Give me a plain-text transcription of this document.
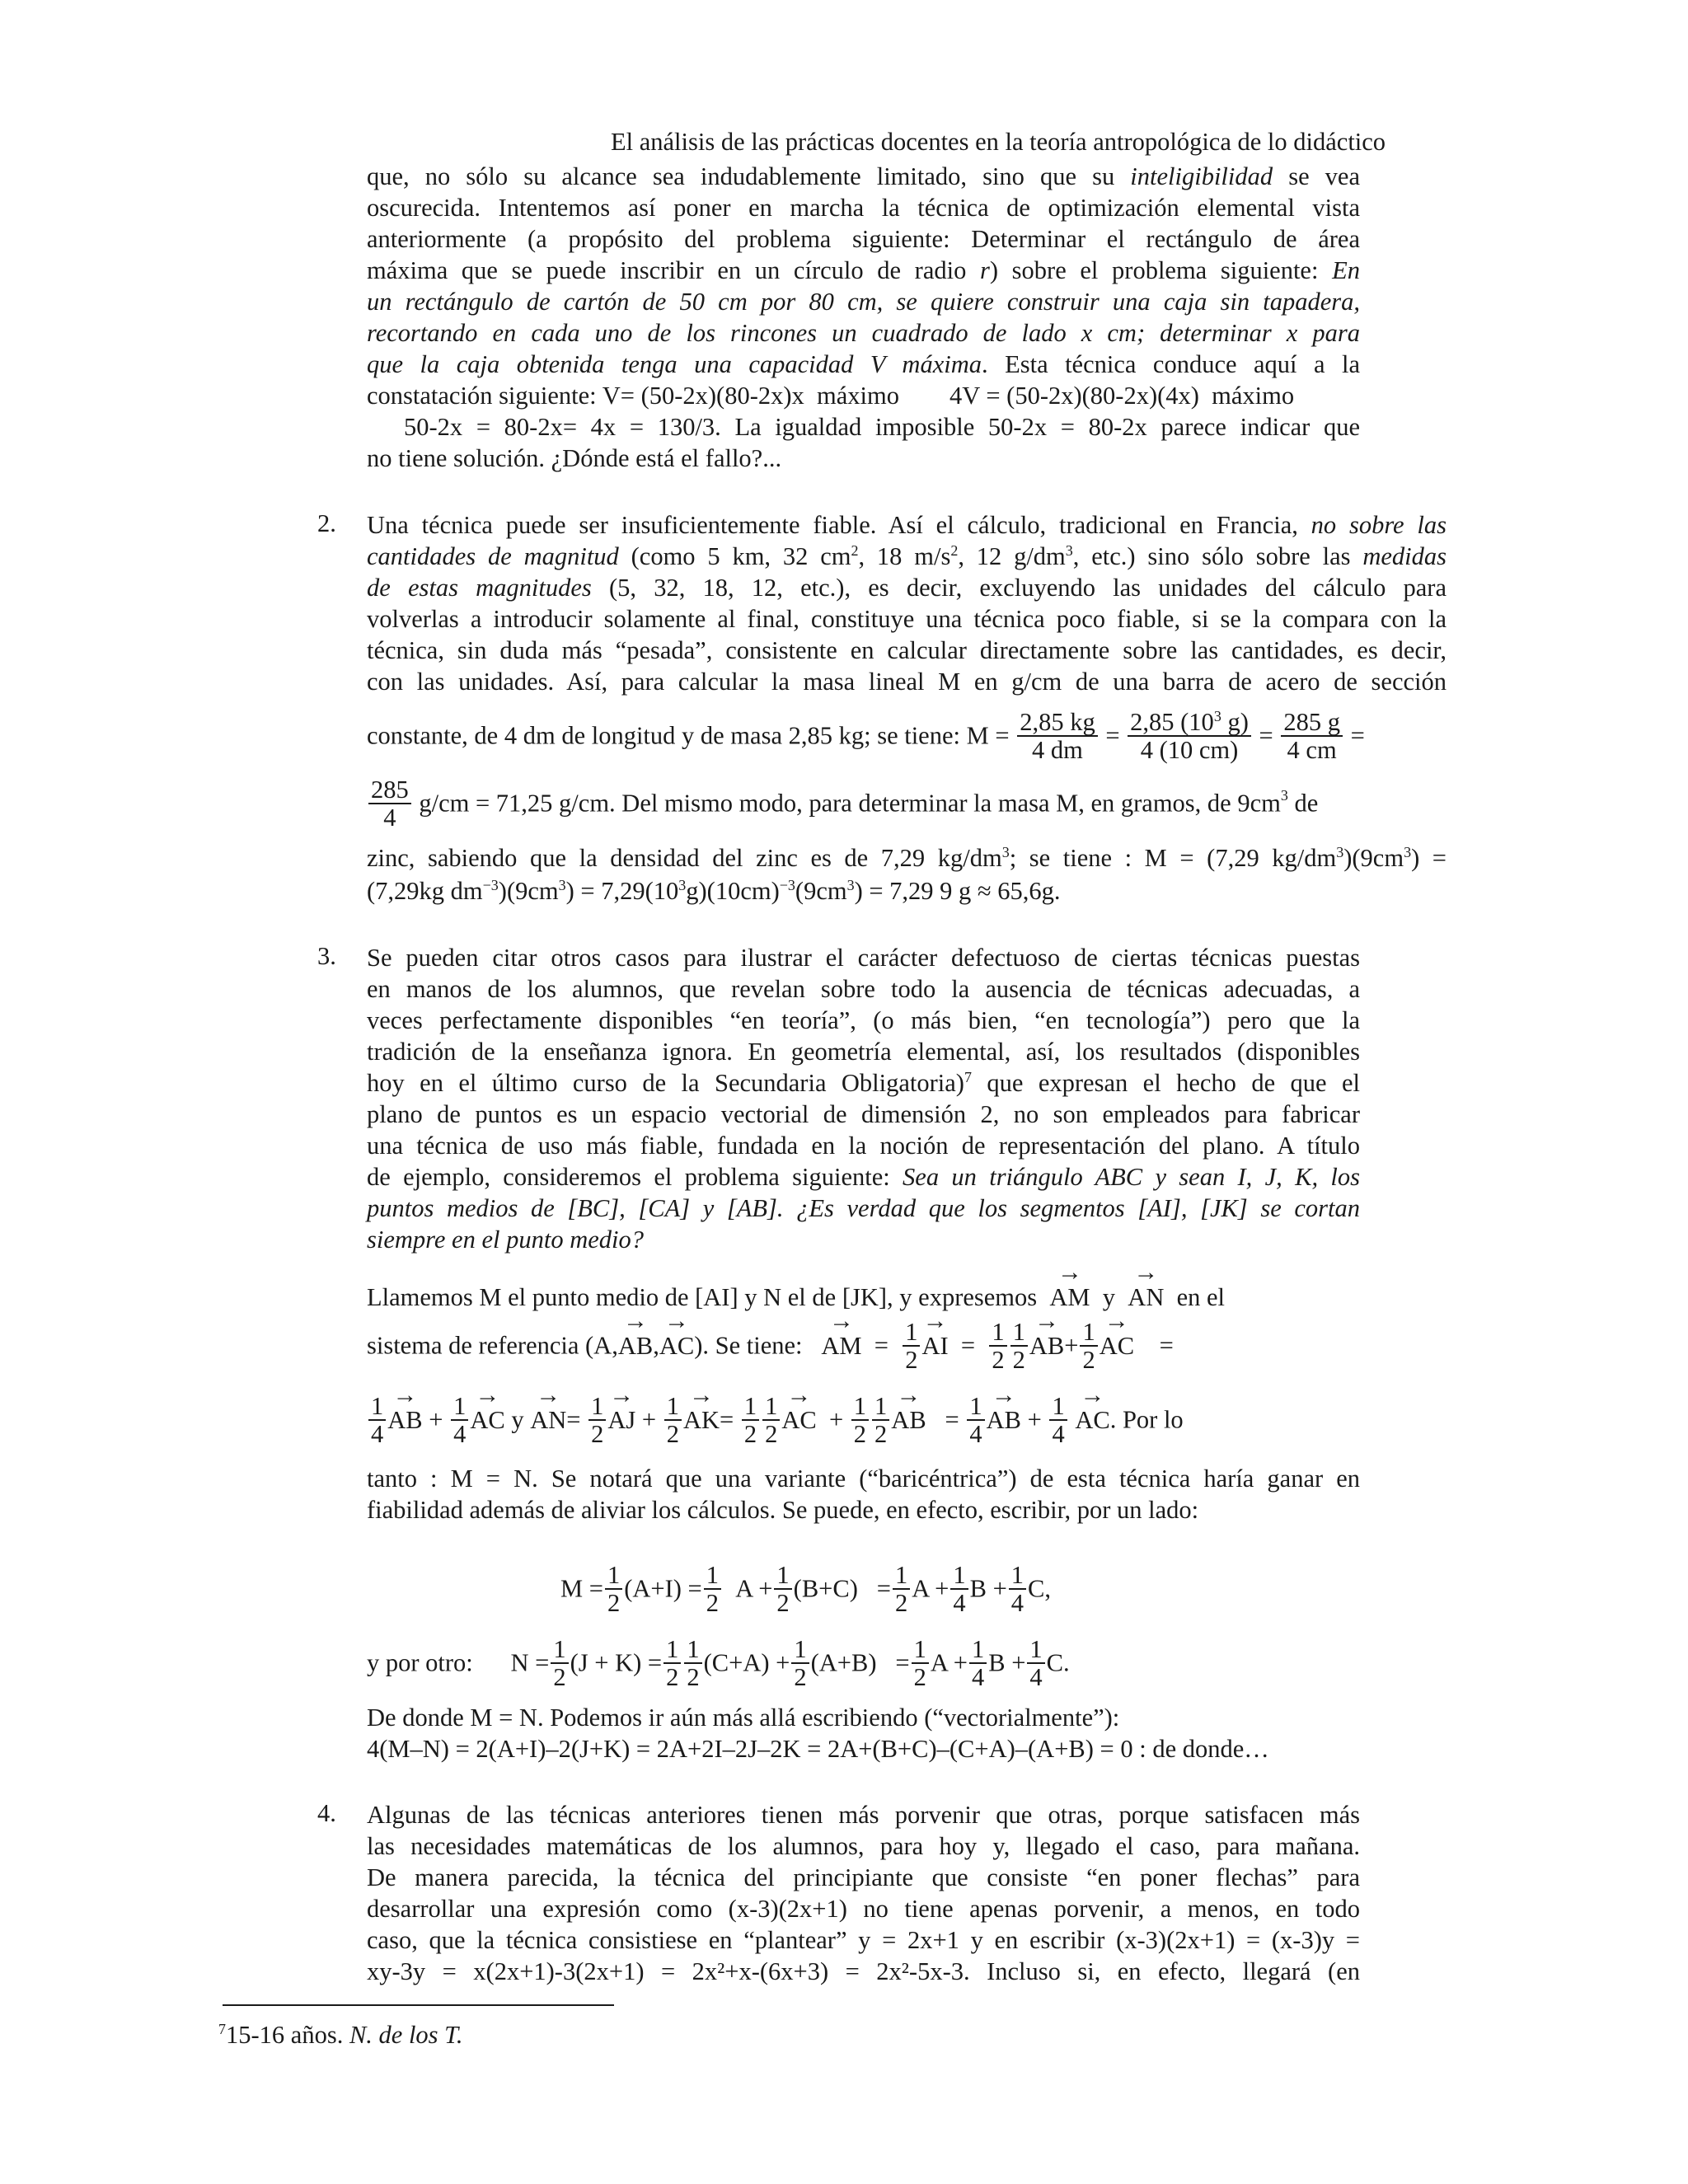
El análisis de las prácticas docentes en la teoría antropológica de lo didáctico
que, no sólo su alcance sea indudablemente limitado, sino que su inteligibilidad se vea
oscurecida. Intentemos así poner en marcha la técnica de optimización elemental vista
anteriormente (a propósito del problema siguiente: Determinar el rectángulo de área
máxima que se puede inscribir en un círculo de radio r) sobre el problema siguiente: En
un rectángulo de cartón de 50 cm por 80 cm, se quiere construir una caja sin tapadera,
recortando en cada uno de los rincones un cuadrado de lado x cm; determinar x para
que la caja obtenida tenga una capacidad V máxima. Esta técnica conduce aquí a la
constatación siguiente: V= (50-2x)(80-2x)x  máximo        4V = (50-2x)(80-2x)(4x)  máximo
50-2x = 80-2x= 4x = 130/3. La igualdad imposible 50-2x = 80-2x parece indicar que
no tiene solución. ¿Dónde está el fallo?...
2. Una técnica puede ser insuficientemente fiable. Así el cálculo, tradicional en Francia, no sobre las
cantidades de magnitud (como 5 km, 32 $cm^2$, 18 $m/s^2$, 12 $g/dm^3$, etc.) sino sólo sobre las medidas
de estas magnitudes (5, 32, 18, 12, etc.), es decir, excluyendo las unidades del cálculo para
volverlas a introducir solamente al final, constituye una técnica poco fiable, si se la compara con la
técnica, sin duda más “pesada”, consistente en calcular directamente sobre las cantidades, es decir,
con las unidades. Así, para calcular la masa lineal M en g/cm de una barra de acero de sección
constante, de 4 dm de longitud y de masa 2,85 kg; se tiene: $M = \frac{2,85 kg}{4 dm} = \frac{2,85 (10^3 g)}{4 (10 cm)} = \frac{285 g}{4 cm}$ =
$\frac{285}{4} g/cm = 71,25$ g/cm. Del mismo modo, para determinar la masa M, en gramos, de $9cm^3$ de
zinc, sabiendo que la densidad del zinc es de 7,29 $kg/dm^3$; se tiene : M = (7,29 $kg/dm^3)(9cm^3)$ =
(7,29kg $dm^{-3})(9cm^3) = 7,29(10^3g)(10cm)^{-3}(9cm^3) = 7,29$ 9 g ≈ 65,6g.
3. Se pueden citar otros casos para ilustrar el carácter defectuoso de ciertas técnicas puestas
en manos de los alumnos, que revelan sobre todo la ausencia de técnicas adecuadas, a
veces perfectamente disponibles “en teoría”, (o más bien, “en tecnología”) pero que la
tradición de la enseñanza ignora. En geometría elemental, así, los resultados (disponibles
hoy en el último curso de la Secundaria Obligatoria)$^7$ que expresan el hecho de que el
plano de puntos es un espacio vectorial de dimensión 2, no son empleados para fabricar
una técnica de uso más fiable, fundada en la noción de representación del plano. A título
de ejemplo, consideremos el problema siguiente: Sea un triángulo ABC y sean I, J, K, los
puntos medios de [BC], [CA] y [AB]. ¿Es verdad que los segmentos [AI], [JK] se cortan
siempre en el punto medio?
Llamemos M el punto medio de [AI] y N el de [JK], y expresemos  → AM  y  → AN en el
sistema de referencia (A,→ AB,→ AC). Se tiene:   → AM = $\frac{1}{2}$
→ AI = $\frac{1}{2} \frac{1}{2}$
→ $AB+ \frac{1}{2}$
→ AC =
$\frac{1}{4}$
→ AB + $\frac{1}{4}$
→ AC $y \to AN= \frac{1}{2}$
→ AJ + $\frac{1}{2}$
→ $AK= \frac{1}{2} \frac{1}{2}$
→ AC + $\frac{1}{2} \frac{1}{2}$
→ AB = $\frac{1}{4}$
→ AB + $\frac{1}{4}$
→ AC. Por lo
tanto : M = N. Se notará que una variante (“baricéntrica”) de esta técnica haría ganar en
fiabilidad además de aliviar los cálculos. Se puede, en efecto, escribir, por un lado:
$M = \frac{1}{2} (A+I) = \frac{1}{2}$ $A + \frac{1}{2} (B+C) = \frac{1}{2}$ $A + \frac{1}{4}$ $B + \frac{1}{4} C$,
y por otro:      $N = \frac{1}{2} (J + K) = \frac{1}{2} \frac{1}{2} (C+A) + \frac{1}{2} (A+B) = \frac{1}{2}$ $A + \frac{1}{4}$ $B + \frac{1}{4} C$.
De donde M = N. Podemos ir aún más allá escribiendo (“vectorialmente”):
4(M–N) = 2(A+I)–2(J+K) = 2A+2I–2J–2K = 2A+(B+C)–(C+A)–(A+B) = 0 : de donde…
4. Algunas de las técnicas anteriores tienen más porvenir que otras, porque satisfacen más
las necesidades matemáticas de los alumnos, para hoy y, llegado el caso, para mañana.
De manera parecida, la técnica del principiante que consiste “en poner flechas” para
desarrollar una expresión como (x-3)(2x+1) no tiene apenas porvenir, a menos, en todo
caso, que la técnica consistiese en “plantear” y = 2x+1 y en escribir (x-3)(2x+1) = (x-3)y =
xy-3y = x(2x+1)-3(2x+1) = 2x²+x-(6x+3) = 2x²-5x-3. Incluso si, en efecto, llegará (en
$^7$15-16 años. N. de los T.
